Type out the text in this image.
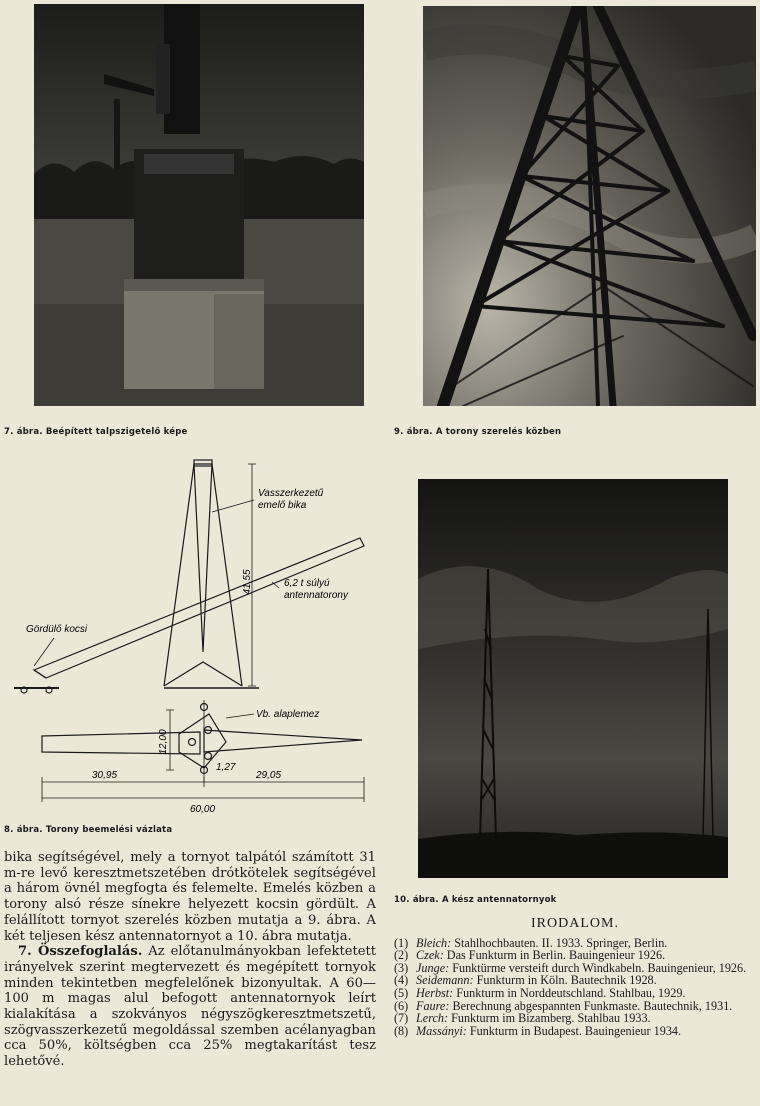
7. ábra. Beépített talpszigetelő képe	9. ábra. A torony szerelés közben
Vasszerkezetű
emelő bika
6,2 t súlyú
antennatorony
Gördülő kocsi
Vb. alaplemez
41,55
12,00
1,27
30,95	29,05
60,00
8. ábra. Torony beemelési vázlata

bika segítségével, mely a tornyot talpától számított 31 m-re levő keresztmetszetében drótkötelek segítségével a három övnél megfogta és felemelte. Emelés közben a torony alsó része sínekre helyezett kocsin gördült. A felállított tornyot szerelés közben mutatja a 9. ábra. A két teljesen kész antennatornyot a 10. ábra mutatja.

7. Összefoglalás. Az előtanulmányokban lefektetett irányelvek szerint megtervezett és megépített tornyok minden tekintetben megfelelőnek bizonyultak. A 60—100 m magas alul befogott antennatornyok leírt kialakítása a szokványos négyszögkeresztmetszetű, szögvasszerkezetű megoldással szemben acélanyagban cca 50%, költségben cca 25% megtakarítást tesz lehetővé.

10. ábra. A kész antennatornyok
IRODALOM.
(1) Bleich: Stahlhochbauten. II. 1933. Springer, Berlin.
(2) Czek: Das Funkturm in Berlin. Bauingenieur 1926.
(3) Junge: Funktürme versteift durch Windkabeln. Bauingenieur, 1926.
(4) Seidemann: Funkturm in Köln. Bautechnik 1928.
(5) Herbst: Funkturm in Norddeutschland. Stahlbau, 1929.
(6) Faure: Berechnung abgespannten Funkmaste. Bautechnik, 1931.
(7) Lerch: Funkturm im Bizamberg. Stahlbau 1933.
(8) Massányi: Funkturm in Budapest. Bauingenieur 1934.
